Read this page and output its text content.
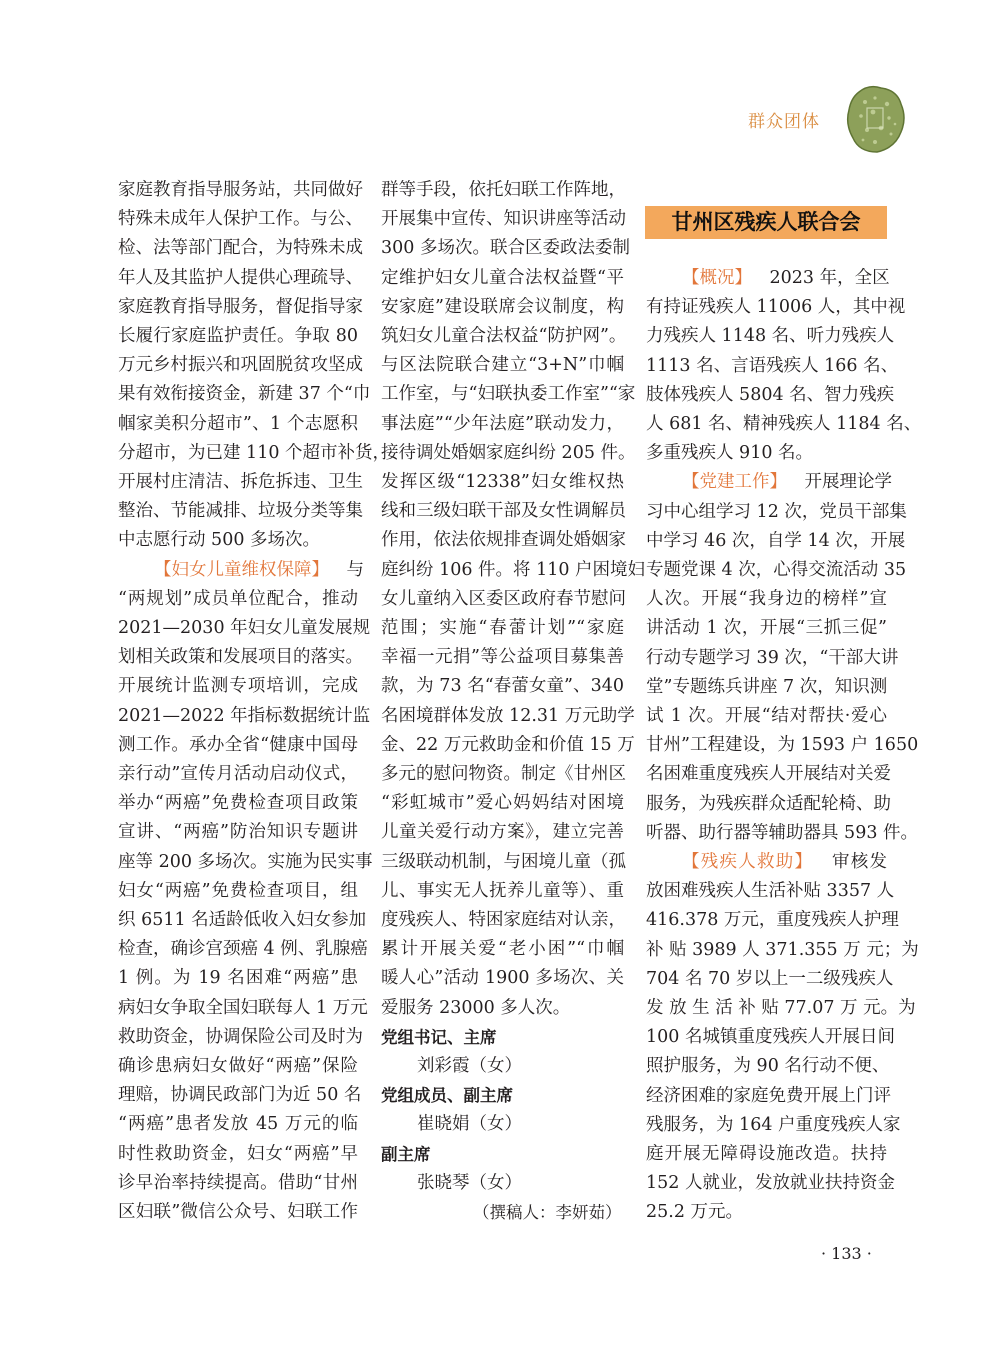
群众团体
家庭教育指导服务站，共同做好
特殊未成年人保护工作。与公、
检、法等部门配合，为特殊未成
年人及其监护人提供心理疏导、
家庭教育指导服务，督促指导家
长履行家庭监护责任。争取 80
万元乡村振兴和巩固脱贫攻坚成
果有效衔接资金，新建 37 个“巾
帼家美积分超市”、1 个志愿积
分超市，为已建 110 个超市补货，
开展村庄清洁、拆危拆违、卫生
整治、节能减排、垃圾分类等集
中志愿行动 500 多场次。
【妇女儿童维权保障】  与
“两规划”成员单位配合，推动
2021—2030 年妇女儿童发展规
划相关政策和发展项目的落实。
开展统计监测专项培训，完成
2021—2022 年指标数据统计监
测工作。承办全省“健康中国母
亲行动”宣传月活动启动仪式，
举办“两癌”免费检查项目政策
宣讲、“两癌”防治知识专题讲
座等 200 多场次。实施为民实事
妇女“两癌”免费检查项目，组
织 6511 名适龄低收入妇女参加
检查，确诊宫颈癌 4 例、乳腺癌
1 例。为 19 名困难“两癌”患
病妇女争取全国妇联每人 1 万元
救助资金，协调保险公司及时为
确诊患病妇女做好“两癌”保险
理赔，协调民政部门为近 50 名
“两癌”患者发放 45 万元的临
时性救助资金，妇女“两癌”早
诊早治率持续提高。借助“甘州
区妇联”微信公众号、妇联工作
群等手段，依托妇联工作阵地，
开展集中宣传、知识讲座等活动
300 多场次。联合区委政法委制
定维护妇女儿童合法权益暨“平
安家庭”建设联席会议制度，构
筑妇女儿童合法权益“防护网”。
与区法院联合建立“3+N”巾帼
工作室，与“妇联执委工作室”“家
事法庭”“少年法庭”联动发力，
接待调处婚姻家庭纠纷 205 件。
发挥区级“12338”妇女维权热
线和三级妇联干部及女性调解员
作用，依法依规排查调处婚姻家
庭纠纷 106 件。将 110 户困境妇
女儿童纳入区委区政府春节慰问
范围；实施“春蕾计划”“家庭
幸福一元捐”等公益项目募集善
款，为 73 名“春蕾女童”、340
名困境群体发放 12.31 万元助学
金、22 万元救助金和价值 15 万
多元的慰问物资。制定《甘州区
“彩虹城市”爱心妈妈结对困境
儿童关爱行动方案》，建立完善
三级联动机制，与困境儿童（孤
儿、事实无人抚养儿童等）、重
度残疾人、特困家庭结对认亲，
累计开展关爱“老小困”“巾帼
暖人心”活动 1900 多场次、关
爱服务 23000 多人次。
党组书记、主席
刘彩霞（女）
党组成员、副主席
崔晓娟（女）
副主席
张晓琴（女）
（撰稿人：李妍茹）
甘州区残疾人联合会
【概况】  2023 年，全区
有持证残疾人 11006 人，其中视
力残疾人 1148 名、听力残疾人
1113 名、言语残疾人 166 名、
肢体残疾人 5804 名、智力残疾
人 681 名、精神残疾人 1184 名、
多重残疾人 910 名。
【党建工作】  开展理论学
习中心组学习 12 次，党员干部集
中学习 46 次，自学 14 次，开展
专题党课 4 次，心得交流活动 35
人次。开展“我身边的榜样”宣
讲活动 1 次，开展“三抓三促”
行动专题学习 39 次，“干部大讲
堂”专题练兵讲座 7 次，知识测
试 1 次。开展“结对帮扶·爱心
甘州”工程建设，为 1593 户 1650
名困难重度残疾人开展结对关爱
服务，为残疾群众适配轮椅、助
听器、助行器等辅助器具 593 件。
【残疾人救助】  审核发
放困难残疾人生活补贴 3357 人
416.378 万元，重度残疾人护理
补 贴 3989 人 371.355 万 元；为
704 名 70 岁以上一二级残疾人
发 放 生 活 补 贴 77.07 万 元。为
100 名城镇重度残疾人开展日间
照护服务，为 90 名行动不便、
经济困难的家庭免费开展上门评
残服务，为 164 户重度残疾人家
庭开展无障碍设施改造。扶持
152 人就业，发放就业扶持资金
25.2 万元。
· 133 ·
